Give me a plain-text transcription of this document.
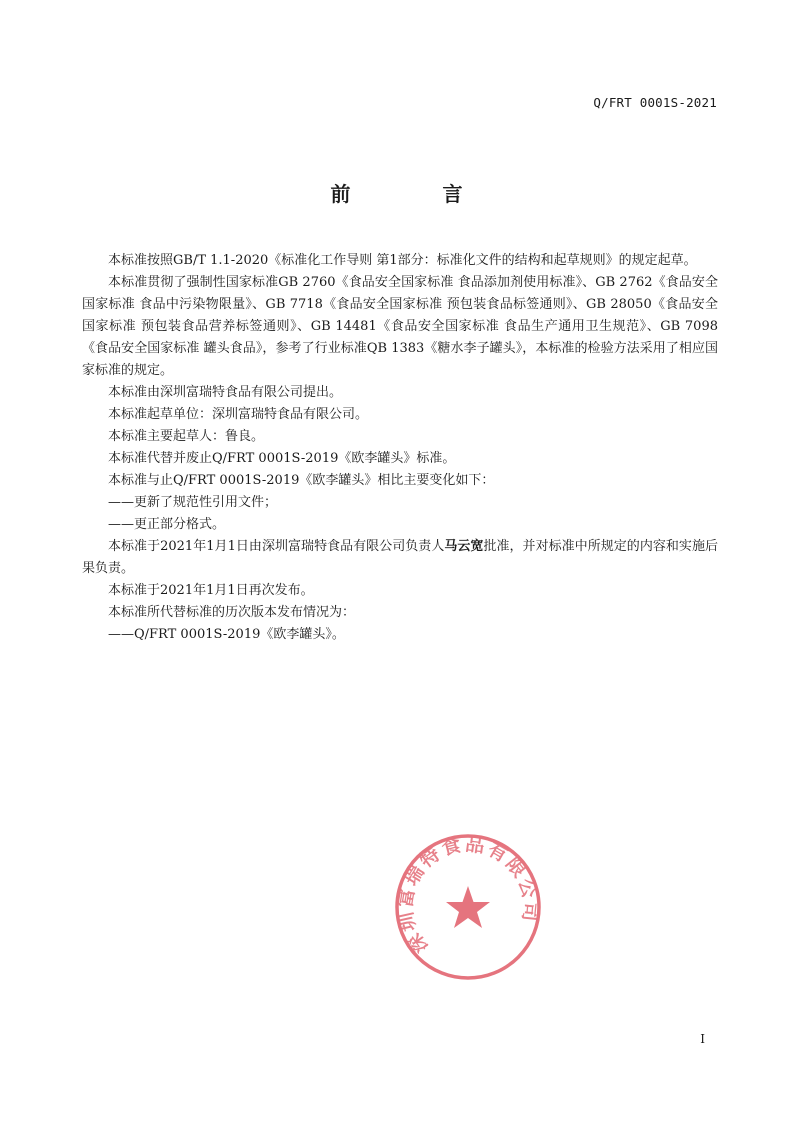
Q/FRT 0001S-2021
前　言

本标准按照GB/T 1.1-2020《标准化工作导则 第1部分：标准化文件的结构和起草规则》的规定起草。

本标准贯彻了强制性国家标准GB 2760《食品安全国家标准 食品添加剂使用标准》、GB 2762《食品安全国家标准 食品中污染物限量》、GB 7718《食品安全国家标准 预包装食品标签通则》、GB 28050《食品安全国家标准 预包装食品营养标签通则》、GB 14481《食品安全国家标准 食品生产通用卫生规范》、GB 7098《食品安全国家标准 罐头食品》，参考了行业标准QB 1383《糖水李子罐头》，本标准的检验方法采用了相应国家标准的规定。

本标准由深圳富瑞特食品有限公司提出。

本标准起草单位：深圳富瑞特食品有限公司。

本标准主要起草人：鲁良。

本标准代替并废止Q/FRT 0001S-2019《欧李罐头》标准。

本标准与止Q/FRT 0001S-2019《欧李罐头》相比主要变化如下：

——更新了规范性引用文件；

——更正部分格式。

本标准于2021年1月1日由深圳富瑞特食品有限公司负责人马云宽批准，并对标准中所规定的内容和实施后果负责。

本标准于2021年1月1日再次发布。

本标准所代替标准的历次版本发布情况为：

——Q/FRT 0001S-2019《欧李罐头》。

深圳富瑞特食品有限公司
I
